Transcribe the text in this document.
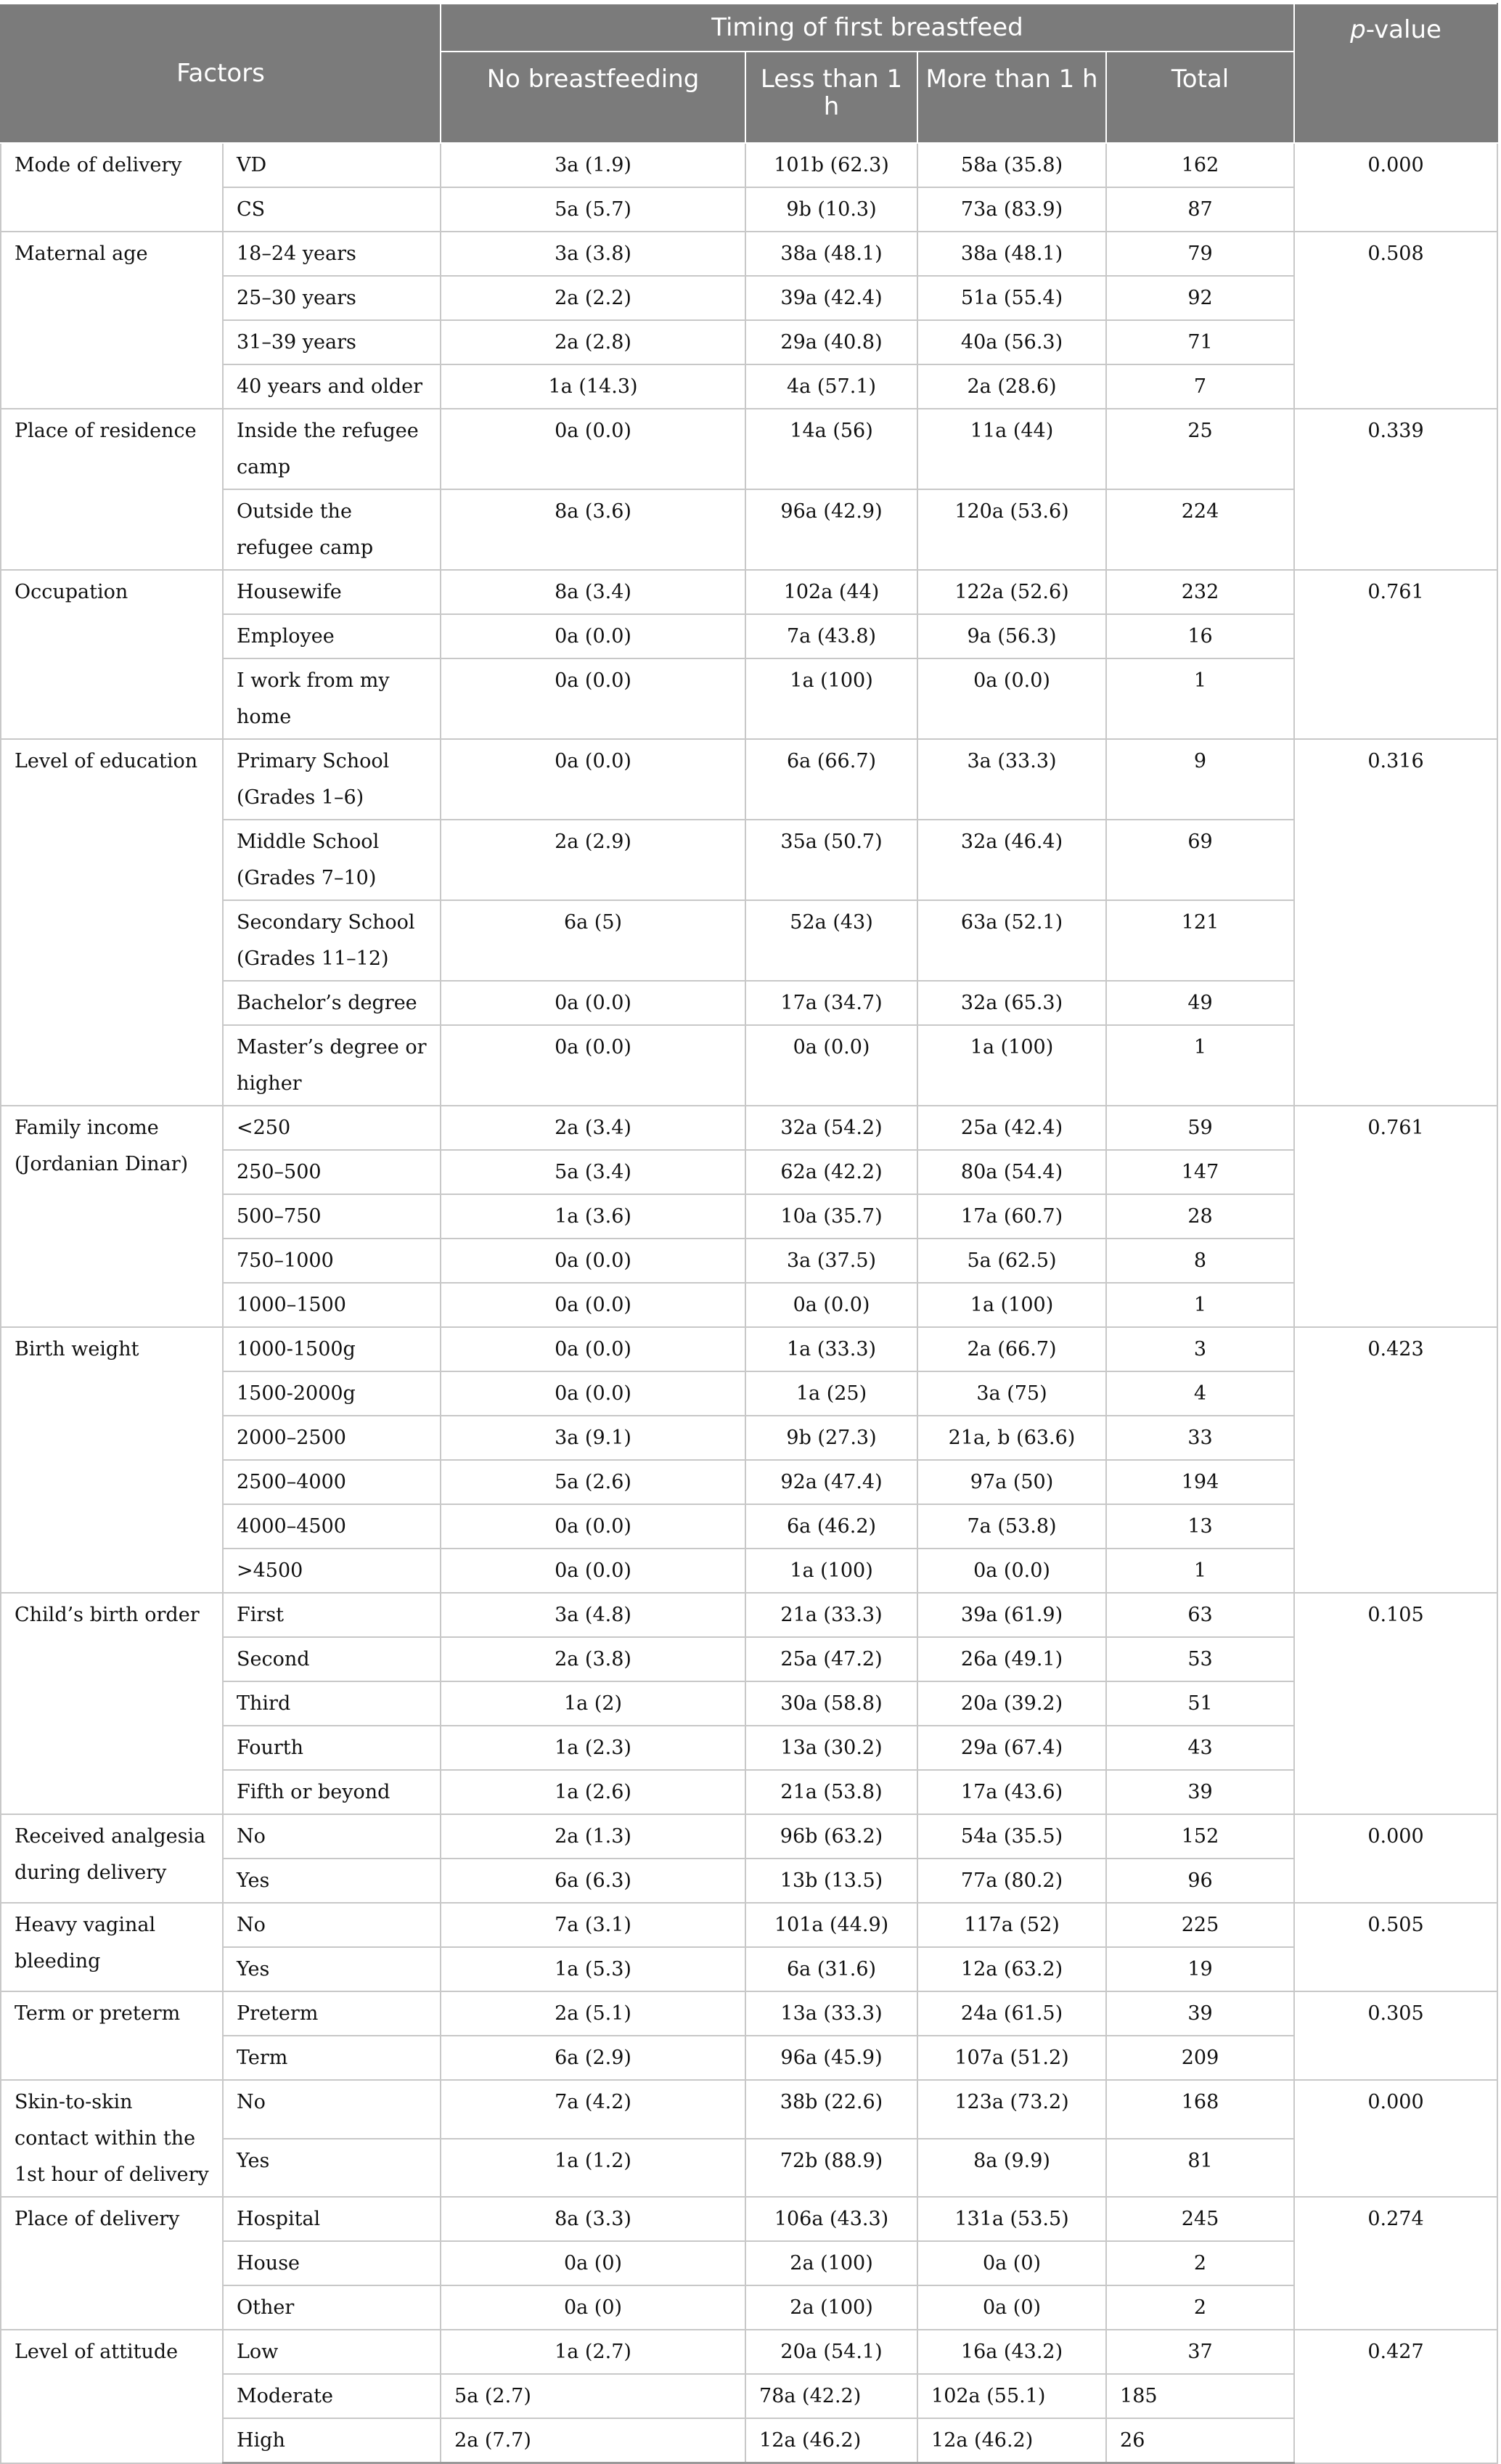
Factors		Timing of first breastfeed				p-value
		No breastfeeding	Less than 1 h	More than 1 h	Total	
Mode of delivery	VD	3a (1.9)	101b (62.3)	58a (35.8)	162	0.000
	CS	5a (5.7)	9b (10.3)	73a (83.9)	87	
Maternal age	18–24 years	3a (3.8)	38a (48.1)	38a (48.1)	79	0.508
	25–30 years	2a (2.2)	39a (42.4)	51a (55.4)	92	
	31–39 years	2a (2.8)	29a (40.8)	40a (56.3)	71	
	40 years and older	1a (14.3)	4a (57.1)	2a (28.6)	7	
Place of residence	Inside the refugee camp	0a (0.0)	14a (56)	11a (44)	25	0.339
	Outside the refugee camp	8a (3.6)	96a (42.9)	120a (53.6)	224	
Occupation	Housewife	8a (3.4)	102a (44)	122a (52.6)	232	0.761
	Employee	0a (0.0)	7a (43.8)	9a (56.3)	16	
	I work from my home	0a (0.0)	1a (100)	0a (0.0)	1	
Level of education	Primary School (Grades 1–6)	0a (0.0)	6a (66.7)	3a (33.3)	9	0.316
	Middle School (Grades 7–10)	2a (2.9)	35a (50.7)	32a (46.4)	69	
	Secondary School (Grades 11–12)	6a (5)	52a (43)	63a (52.1)	121	
	Bachelor’s degree	0a (0.0)	17a (34.7)	32a (65.3)	49	
	Master’s degree or higher	0a (0.0)	0a (0.0)	1a (100)	1	
Family income (Jordanian Dinar)	<250	2a (3.4)	32a (54.2)	25a (42.4)	59	0.761
	250–500	5a (3.4)	62a (42.2)	80a (54.4)	147	
	500–750	1a (3.6)	10a (35.7)	17a (60.7)	28	
	750–1000	0a (0.0)	3a (37.5)	5a (62.5)	8	
	1000–1500	0a (0.0)	0a (0.0)	1a (100)	1	
Birth weight	1000-1500g	0a (0.0)	1a (33.3)	2a (66.7)	3	0.423
	1500-2000g	0a (0.0)	1a (25)	3a (75)	4	
	2000–2500	3a (9.1)	9b (27.3)	21a, b (63.6)	33	
	2500–4000	5a (2.6)	92a (47.4)	97a (50)	194	
	4000–4500	0a (0.0)	6a (46.2)	7a (53.8)	13	
	>4500	0a (0.0)	1a (100)	0a (0.0)	1	
Child’s birth order	First	3a (4.8)	21a (33.3)	39a (61.9)	63	0.105
	Second	2a (3.8)	25a (47.2)	26a (49.1)	53	
	Third	1a (2)	30a (58.8)	20a (39.2)	51	
	Fourth	1a (2.3)	13a (30.2)	29a (67.4)	43	
	Fifth or beyond	1a (2.6)	21a (53.8)	17a (43.6)	39	
Received analgesia during delivery	No	2a (1.3)	96b (63.2)	54a (35.5)	152	0.000
	Yes	6a (6.3)	13b (13.5)	77a (80.2)	96	
Heavy vaginal bleeding	No	7a (3.1)	101a (44.9)	117a (52)	225	0.505
	Yes	1a (5.3)	6a (31.6)	12a (63.2)	19	
Term or preterm	Preterm	2a (5.1)	13a (33.3)	24a (61.5)	39	0.305
	Term	6a (2.9)	96a (45.9)	107a (51.2)	209	
Skin-to-skin contact within the 1st hour of delivery	No	7a (4.2)	38b (22.6)	123a (73.2)	168	0.000
	Yes	1a (1.2)	72b (88.9)	8a (9.9)	81	
Place of delivery	Hospital	8a (3.3)	106a (43.3)	131a (53.5)	245	0.274
	House	0a (0)	2a (100)	0a (0)	2	
	Other	0a (0)	2a (100)	0a (0)	2	
Level of attitude	Low	1a (2.7)	20a (54.1)	16a (43.2)	37	0.427
	Moderate	5a (2.7)	78a (42.2)	102a (55.1)	185	
	High	2a (7.7)	12a (46.2)	12a (46.2)	26	
